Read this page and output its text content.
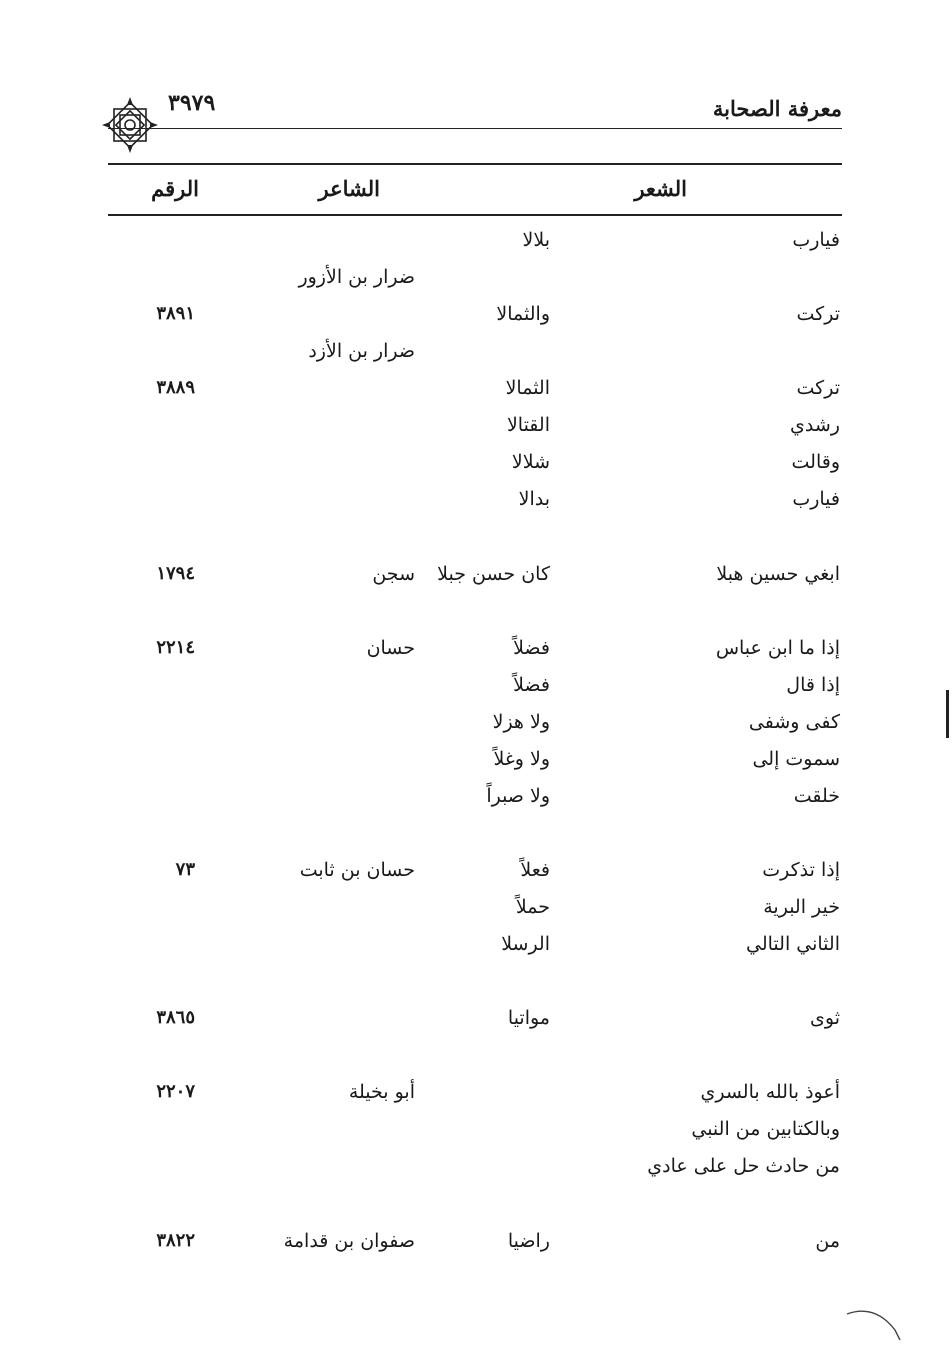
معرفة الصحابة
٣٩٧٩
الشعر
الشاعر
الرقم
فيارب
بلالا
ضرار بن الأزور
تركت
والثمالا
٣٨٩١
ضرار بن الأزد
تركت
الثمالا
٣٨٨٩
رشدي
القتالا
وقالت
شلالا
فيارب
بدالا
ابغي حسين هبلا
كان حسن جبلا
سجن
١٧٩٤
إذا ما ابن عباس
فضلاً
حسان
٢٢١٤
إذا قال
فضلاً
كفى وشفى
ولا هزلا
سموت إلى
ولا وغلاً
خلقت
ولا صبراً
إذا تذكرت
فعلاً
حسان بن ثابت
٧٣
خير البرية
حملاً
الثاني التالي
الرسلا
ثوى
مواتيا
٣٨٦٥
أعوذ بالله بالسري
أبو بخيلة
٢٢٠٧
وبالكتابين من النبي
من حادث حل على عادي
من
راضيا
صفوان بن قدامة
٣٨٢٢
